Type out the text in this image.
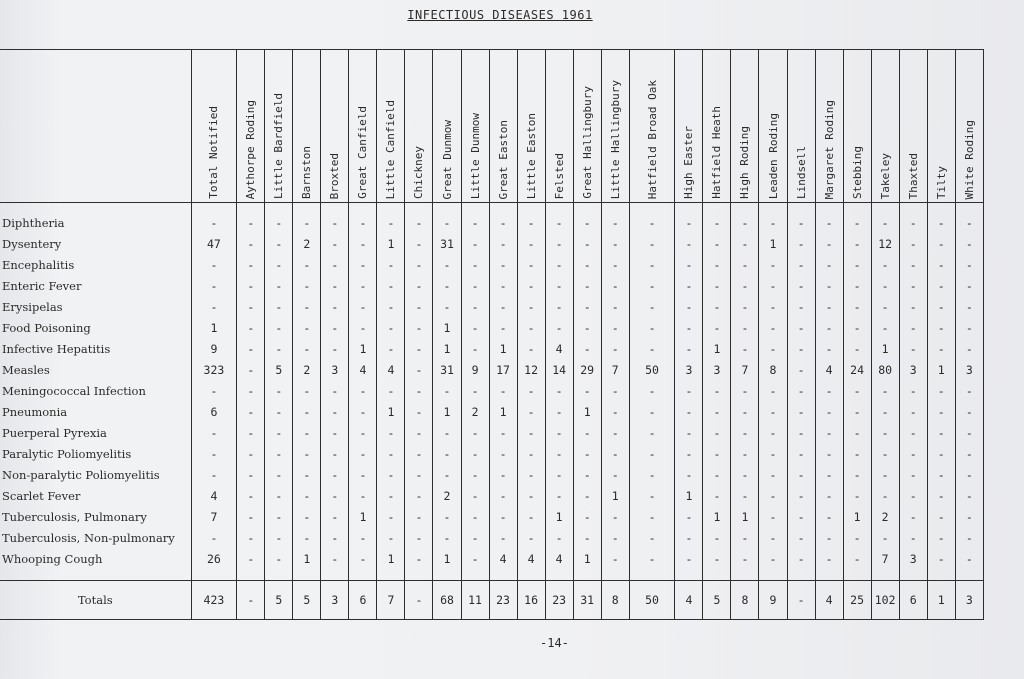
INFECTIOUS DISEASES 1961
	Total Notified	Aythorpe Roding	Little Bardfield	Barnston	Broxted	Great Canfield	Little Canfield	Chickney	Great Dunmow	Little Dunmow	Great Easton	Little Easton	Felsted	Great Hallingbury	Little Hallingbury	Hatfield Broad Oak	High Easter	Hatfield Heath	High Roding	Leaden Roding	Lindsell	Margaret Roding	Stebbing	Takeley	Thaxted	Tilty	White Roding
Diphtheria	-	-	-	-	-	-	-	-	-	-	-	-	-	-	-	-	-	-	-	-	-	-	-	-	-	-	-
Dysentery	47	-	-	2	-	-	1	-	31	-	-	-	-	-	-	-	-	-	-	1	-	-	-	12	-	-	-
Encephalitis	-	-	-	-	-	-	-	-	-	-	-	-	-	-	-	-	-	-	-	-	-	-	-	-	-	-	-
Enteric Fever	-	-	-	-	-	-	-	-	-	-	-	-	-	-	-	-	-	-	-	-	-	-	-	-	-	-	-
Erysipelas	-	-	-	-	-	-	-	-	-	-	-	-	-	-	-	-	-	-	-	-	-	-	-	-	-	-	-
Food Poisoning	1	-	-	-	-	-	-	-	1	-	-	-	-	-	-	-	-	-	-	-	-	-	-	-	-	-	-
Infective Hepatitis	9	-	-	-	-	1	-	-	1	-	1	-	4	-	-	-	-	1	-	-	-	-	-	1	-	-	-
Measles	323	-	5	2	3	4	4	-	31	9	17	12	14	29	7	50	3	3	7	8	-	4	24	80	3	1	3
Meningococcal Infection	-	-	-	-	-	-	-	-	-	-	-	-	-	-	-	-	-	-	-	-	-	-	-	-	-	-	-
Pneumonia	6	-	-	-	-	-	1	-	1	2	1	-	-	1	-	-	-	-	-	-	-	-	-	-	-	-	-
Puerperal Pyrexia	-	-	-	-	-	-	-	-	-	-	-	-	-	-	-	-	-	-	-	-	-	-	-	-	-	-	-
Paralytic Poliomyelitis	-	-	-	-	-	-	-	-	-	-	-	-	-	-	-	-	-	-	-	-	-	-	-	-	-	-	-
Non-paralytic Poliomyelitis	-	-	-	-	-	-	-	-	-	-	-	-	-	-	-	-	-	-	-	-	-	-	-	-	-	-	-
Scarlet Fever	4	-	-	-	-	-	-	-	2	-	-	-	-	-	1	-	1	-	-	-	-	-	-	-	-	-	-
Tuberculosis, Pulmonary	7	-	-	-	-	1	-	-	-	-	-	-	1	-	-	-	-	1	1	-	-	-	1	2	-	-	-
Tuberculosis, Non-pulmonary	-	-	-	-	-	-	-	-	-	-	-	-	-	-	-	-	-	-	-	-	-	-	-	-	-	-	-
Whooping Cough	26	-	-	1	-	-	1	-	1	-	4	4	4	1	-	-	-	-	-	-	-	-	-	7	3	-	-

Totals	423	-	5	5	3	6	7	-	68	11	23	16	23	31	8	50	4	5	8	9	-	4	25	102	6	1	3
-14-
